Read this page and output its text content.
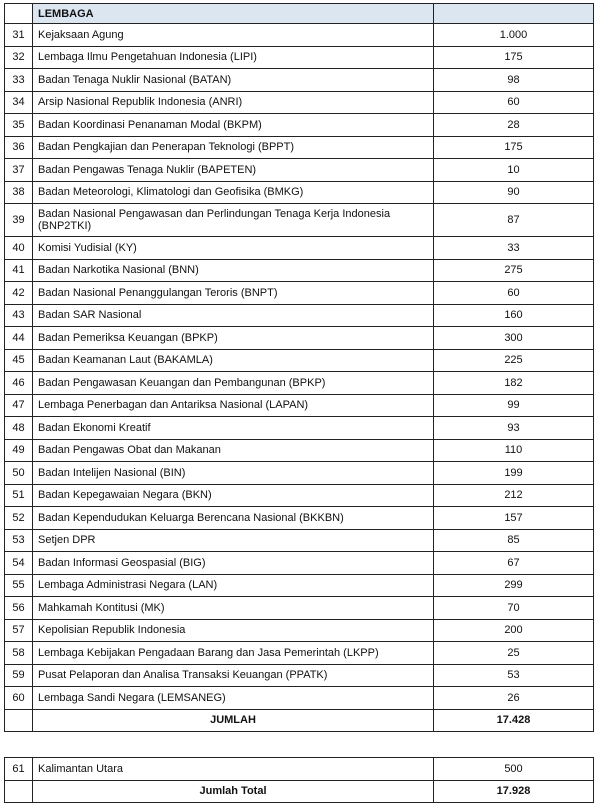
	LEMBAGA	
31	Kejaksaan Agung	1.000
32	Lembaga Ilmu Pengetahuan Indonesia (LIPI)	175
33	Badan Tenaga Nuklir Nasional (BATAN)	98
34	Arsip Nasional Republik Indonesia (ANRI)	60
35	Badan Koordinasi Penanaman Modal (BKPM)	28
36	Badan Pengkajian dan Penerapan Teknologi (BPPT)	175
37	Badan Pengawas Tenaga Nuklir (BAPETEN)	10
38	Badan Meteorologi, Klimatologi dan Geofisika (BMKG)	90
39	Badan Nasional Pengawasan dan Perlindungan Tenaga Kerja Indonesia (BNP2TKI)	87
40	Komisi Yudisial (KY)	33
41	Badan Narkotika Nasional (BNN)	275
42	Badan Nasional Penanggulangan Teroris (BNPT)	60
43	Badan SAR Nasional	160
44	Badan Pemeriksa Keuangan (BPKP)	300
45	Badan Keamanan Laut (BAKAMLA)	225
46	Badan Pengawasan Keuangan dan Pembangunan (BPKP)	182
47	Lembaga Penerbagan dan Antariksa Nasional (LAPAN)	99
48	Badan Ekonomi Kreatif	93
49	Badan Pengawas Obat dan Makanan	110
50	Badan Intelijen Nasional (BIN)	199
51	Badan Kepegawaian Negara (BKN)	212
52	Badan Kependudukan Keluarga Berencana Nasional (BKKBN)	157
53	Setjen DPR	85
54	Badan Informasi Geospasial (BIG)	67
55	Lembaga Administrasi Negara (LAN)	299
56	Mahkamah Kontitusi (MK)	70
57	Kepolisian Republik Indonesia	200
58	Lembaga Kebijakan Pengadaan Barang dan Jasa Pemerintah (LKPP)	25
59	Pusat Pelaporan dan Analisa Transaksi Keuangan (PPATK)	53
60	Lembaga Sandi Negara (LEMSANEG)	26
	JUMLAH	17.428
61	Kalimantan Utara	500
	Jumlah Total	17.928
